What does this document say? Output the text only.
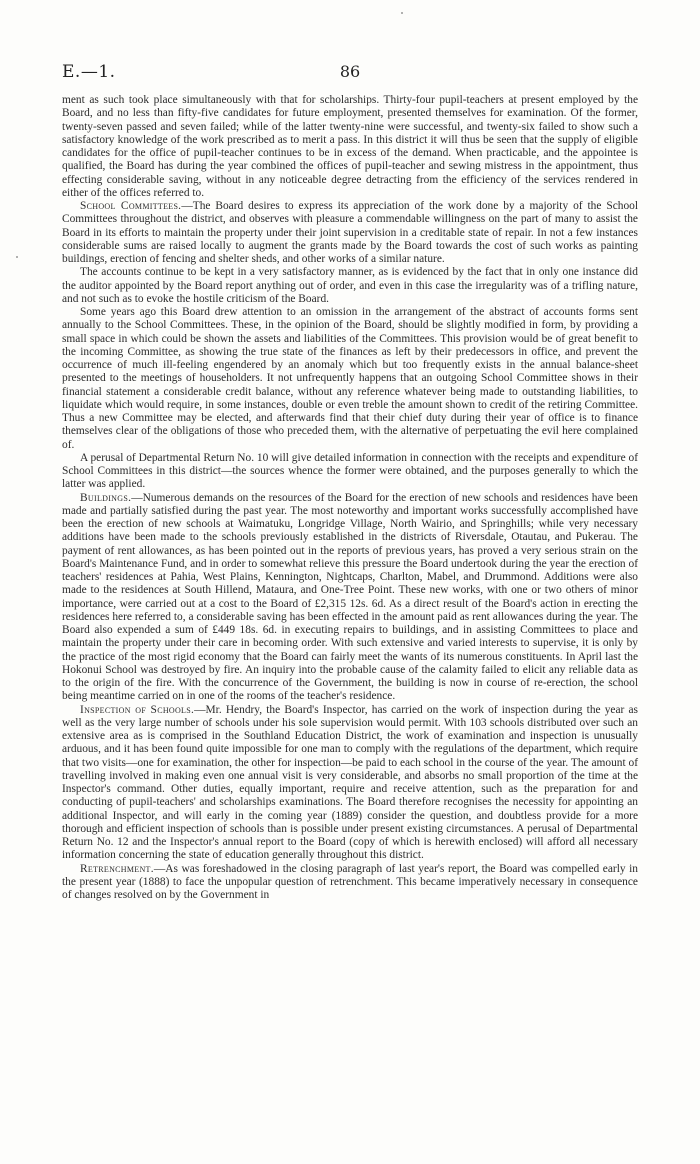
E.—1.	86

ment as such took place simultaneously with that for scholarships. Thirty-four pupil-teachers at present employed by the Board, and no less than fifty-five candidates for future employment, presented themselves for examination. Of the former, twenty-seven passed and seven failed; while of the latter twenty-nine were successful, and twenty-six failed to show such a satisfactory knowledge of the work prescribed as to merit a pass. In this district it will thus be seen that the supply of eligible candidates for the office of pupil-teacher continues to be in excess of the demand. When practicable, and the appointee is qualified, the Board has during the year combined the offices of pupil-teacher and sewing mistress in the appointment, thus effecting considerable saving, without in any noticeable degree detracting from the efficiency of the services rendered in either of the offices referred to.

School Committees.—The Board desires to express its appreciation of the work done by a majority of the School Committees throughout the district, and observes with pleasure a commendable willingness on the part of many to assist the Board in its efforts to maintain the property under their joint supervision in a creditable state of repair. In not a few instances considerable sums are raised locally to augment the grants made by the Board towards the cost of such works as painting buildings, erection of fencing and shelter sheds, and other works of a similar nature.

The accounts continue to be kept in a very satisfactory manner, as is evidenced by the fact that in only one instance did the auditor appointed by the Board report anything out of order, and even in this case the irregularity was of a trifling nature, and not such as to evoke the hostile criticism of the Board.

Some years ago this Board drew attention to an omission in the arrangement of the abstract of accounts forms sent annually to the School Committees. These, in the opinion of the Board, should be slightly modified in form, by providing a small space in which could be shown the assets and liabilities of the Committees. This provision would be of great benefit to the incoming Committee, as showing the true state of the finances as left by their predecessors in office, and prevent the occurrence of much ill-feeling engendered by an anomaly which but too frequently exists in the annual balance-sheet presented to the meetings of householders. It not unfrequently happens that an outgoing School Committee shows in their financial statement a considerable credit balance, without any reference whatever being made to outstanding liabilities, to liquidate which would require, in some instances, double or even treble the amount shown to credit of the retiring Committee. Thus a new Committee may be elected, and afterwards find that their chief duty during their year of office is to finance themselves clear of the obligations of those who preceded them, with the alternative of perpetuating the evil here complained of.

A perusal of Departmental Return No. 10 will give detailed information in connection with the receipts and expenditure of School Committees in this district—the sources whence the former were obtained, and the purposes generally to which the latter was applied.

Buildings.—Numerous demands on the resources of the Board for the erection of new schools and residences have been made and partially satisfied during the past year. The most noteworthy and important works successfully accomplished have been the erection of new schools at Waimatuku, Longridge Village, North Wairio, and Springhills; while very necessary additions have been made to the schools previously established in the districts of Riversdale, Otautau, and Pukerau. The payment of rent allowances, as has been pointed out in the reports of previous years, has proved a very serious strain on the Board's Maintenance Fund, and in order to somewhat relieve this pressure the Board undertook during the year the erection of teachers' residences at Pahia, West Plains, Kennington, Nightcaps, Charlton, Mabel, and Drummond. Additions were also made to the residences at South Hillend, Mataura, and One-Tree Point. These new works, with one or two others of minor importance, were carried out at a cost to the Board of £2,315 12s. 6d. As a direct result of the Board's action in erecting the residences here referred to, a considerable saving has been effected in the amount paid as rent allowances during the year. The Board also expended a sum of £449 18s. 6d. in executing repairs to buildings, and in assisting Committees to place and maintain the property under their care in becoming order. With such extensive and varied interests to supervise, it is only by the practice of the most rigid economy that the Board can fairly meet the wants of its numerous constituents. In April last the Hokonui School was destroyed by fire. An inquiry into the probable cause of the calamity failed to elicit any reliable data as to the origin of the fire. With the concurrence of the Government, the building is now in course of re-erection, the school being meantime carried on in one of the rooms of the teacher's residence.

Inspection of Schools.—Mr. Hendry, the Board's Inspector, has carried on the work of inspection during the year as well as the very large number of schools under his sole supervision would permit. With 103 schools distributed over such an extensive area as is comprised in the Southland Education District, the work of examination and inspection is unusually arduous, and it has been found quite impossible for one man to comply with the regulations of the department, which require that two visits—one for examination, the other for inspection—be paid to each school in the course of the year. The amount of travelling involved in making even one annual visit is very considerable, and absorbs no small proportion of the time at the Inspector's command. Other duties, equally important, require and receive attention, such as the preparation for and conducting of pupil-teachers' and scholarships examinations. The Board therefore recognises the necessity for appointing an additional Inspector, and will early in the coming year (1889) consider the question, and doubtless provide for a more thorough and efficient inspection of schools than is possible under present existing circumstances. A perusal of Departmental Return No. 12 and the Inspector's annual report to the Board (copy of which is herewith enclosed) will afford all necessary information concerning the state of education generally throughout this district.

Retrenchment.—As was foreshadowed in the closing paragraph of last year's report, the Board was compelled early in the present year (1888) to face the unpopular question of retrenchment. This became imperatively necessary in consequence of changes resolved on by the Government in
